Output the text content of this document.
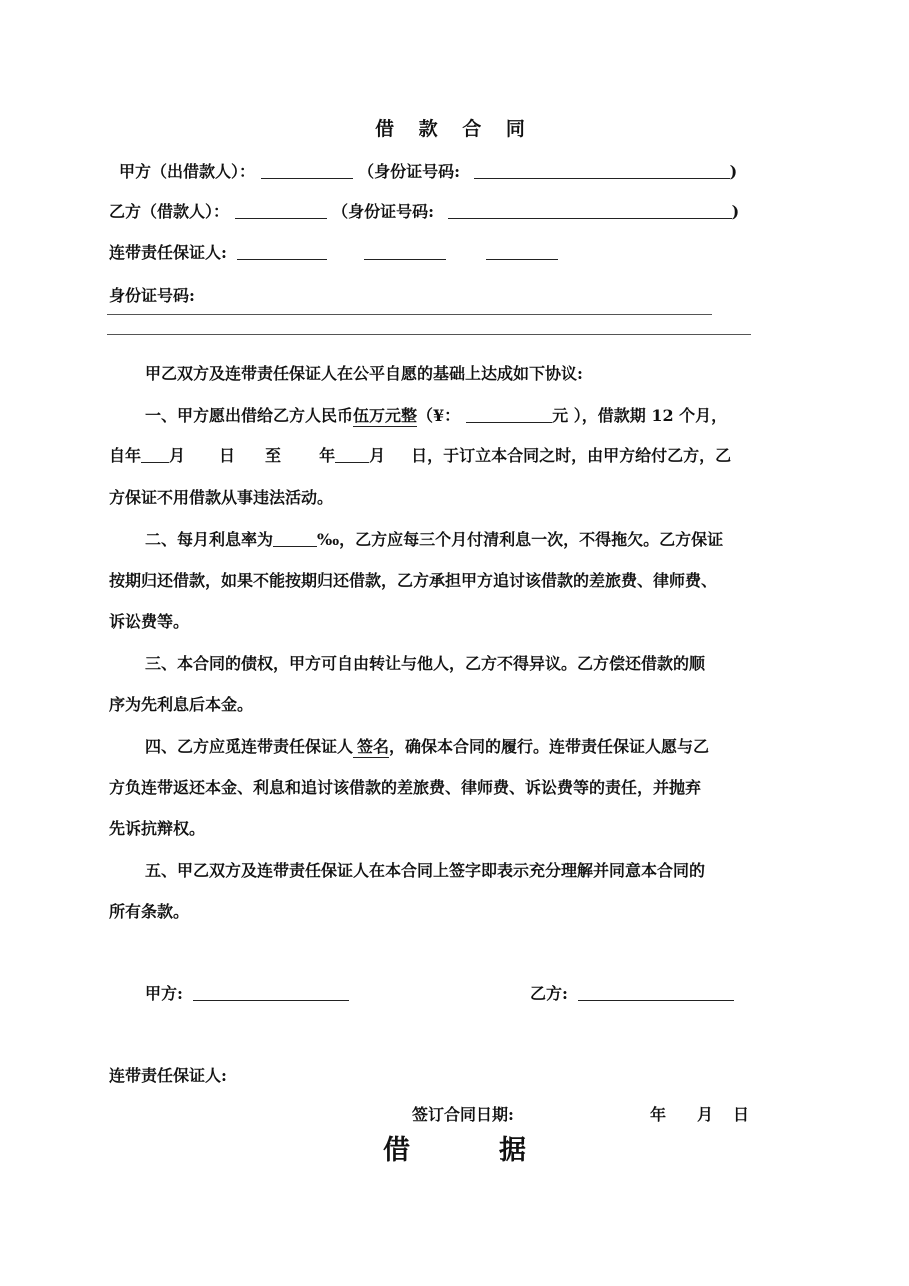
借 款 合 同
甲方（出借款人）：	（身份证号码:	)
乙方（借款人）：	（身份证号码:	)
连带责任保证人:
身份证号码:
甲乙双方及连带责任保证人在公平自愿的基础上达成如下协议:
一、甲方愿出借给乙方人民币伍万元整（¥：	元 ），借款期 12 个月，
自年 月 日 至 年 月 日，于订立本合同之时，由甲方给付乙方，乙
方保证不用借款从事违法活动。
二、每月利息率为	‰，乙方应每三个月付清利息一次，不得拖欠。乙方保证
按期归还借款，如果不能按期归还借款，乙方承担甲方追讨该借款的差旅费、律师费、
诉讼费等。
三、本合同的债权，甲方可自由转让与他人，乙方不得异议。乙方偿还借款的顺
序为先利息后本金。
四、乙方应觅连带责任保证人 签名，确保本合同的履行。连带责任保证人愿与乙
方负连带返还本金、利息和追讨该借款的差旅费、律师费、诉讼费等的责任，并抛弃
先诉抗辩权。
五、甲乙双方及连带责任保证人在本合同上签字即表示充分理解并同意本合同的
所有条款。
甲方:	乙方:
连带责任保证人:
签订合同日期:	年 月 日
借	据
